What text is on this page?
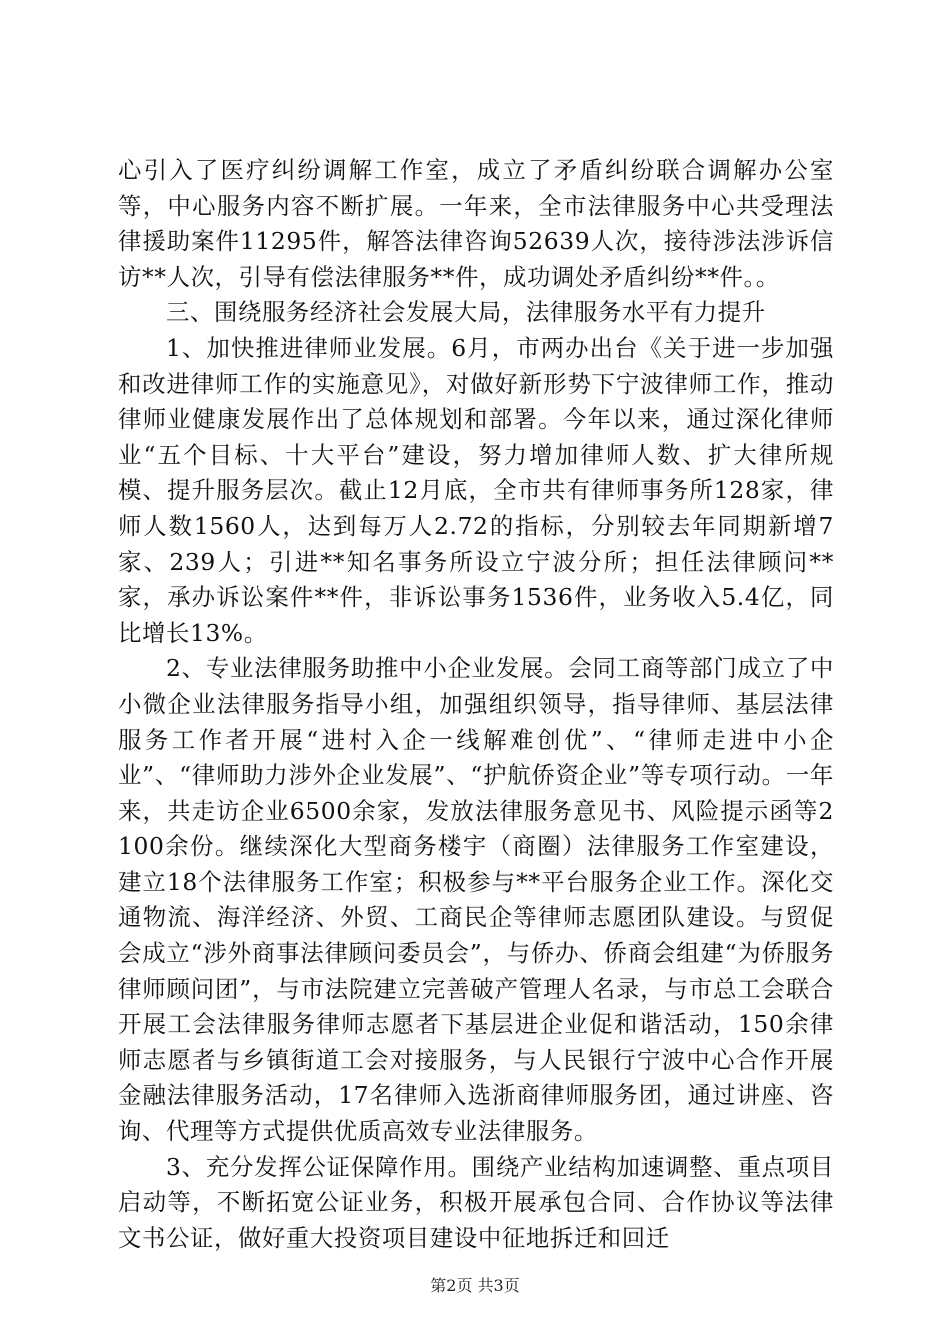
心引入了医疗纠纷调解工作室，成立了矛盾纠纷联合调解办公室等，中心服务内容不断扩展。一年来，全市法律服务中心共受理法律援助案件11295件，解答法律咨询52639人次，接待涉法涉诉信访**人次，引导有偿法律服务**件，成功调处矛盾纠纷**件。。

三、围绕服务经济社会发展大局，法律服务水平有力提升

1、加快推进律师业发展。6月，市两办出台《关于进一步加强和改进律师工作的实施意见》，对做好新形势下宁波律师工作，推动律师业健康发展作出了总体规划和部署。今年以来，通过深化律师业“五个目标、十大平台”建设，努力增加律师人数、扩大律所规模、提升服务层次。截止12月底，全市共有律师事务所128家，律师人数1560人，达到每万人2.72的指标，分别较去年同期新增7家、239人；引进**知名事务所设立宁波分所；担任法律顾问**家，承办诉讼案件**件，非诉讼事务1536件，业务收入5.4亿，同比增长13%。

2、专业法律服务助推中小企业发展。会同工商等部门成立了中小微企业法律服务指导小组，加强组织领导，指导律师、基层法律服务工作者开展“进村入企一线解难创优”、“律师走进中小企业”、“律师助力涉外企业发展”、“护航侨资企业”等专项行动。一年来，共走访企业6500余家，发放法律服务意见书、风险提示函等2100余份。继续深化大型商务楼宇（商圈）法律服务工作室建设，建立18个法律服务工作室；积极参与**平台服务企业工作。深化交通物流、海洋经济、外贸、工商民企等律师志愿团队建设。与贸促会成立“涉外商事法律顾问委员会”，与侨办、侨商会组建“为侨服务律师顾问团”，与市法院建立完善破产管理人名录，与市总工会联合开展工会法律服务律师志愿者下基层进企业促和谐活动，150余律师志愿者与乡镇街道工会对接服务，与人民银行宁波中心合作开展金融法律服务活动，17名律师入选浙商律师服务团，通过讲座、咨询、代理等方式提供优质高效专业法律服务。

3、充分发挥公证保障作用。围绕产业结构加速调整、重点项目启动等，不断拓宽公证业务，积极开展承包合同、合作协议等法律文书公证，做好重大投资项目建设中征地拆迁和回迁

第2页 共3页
